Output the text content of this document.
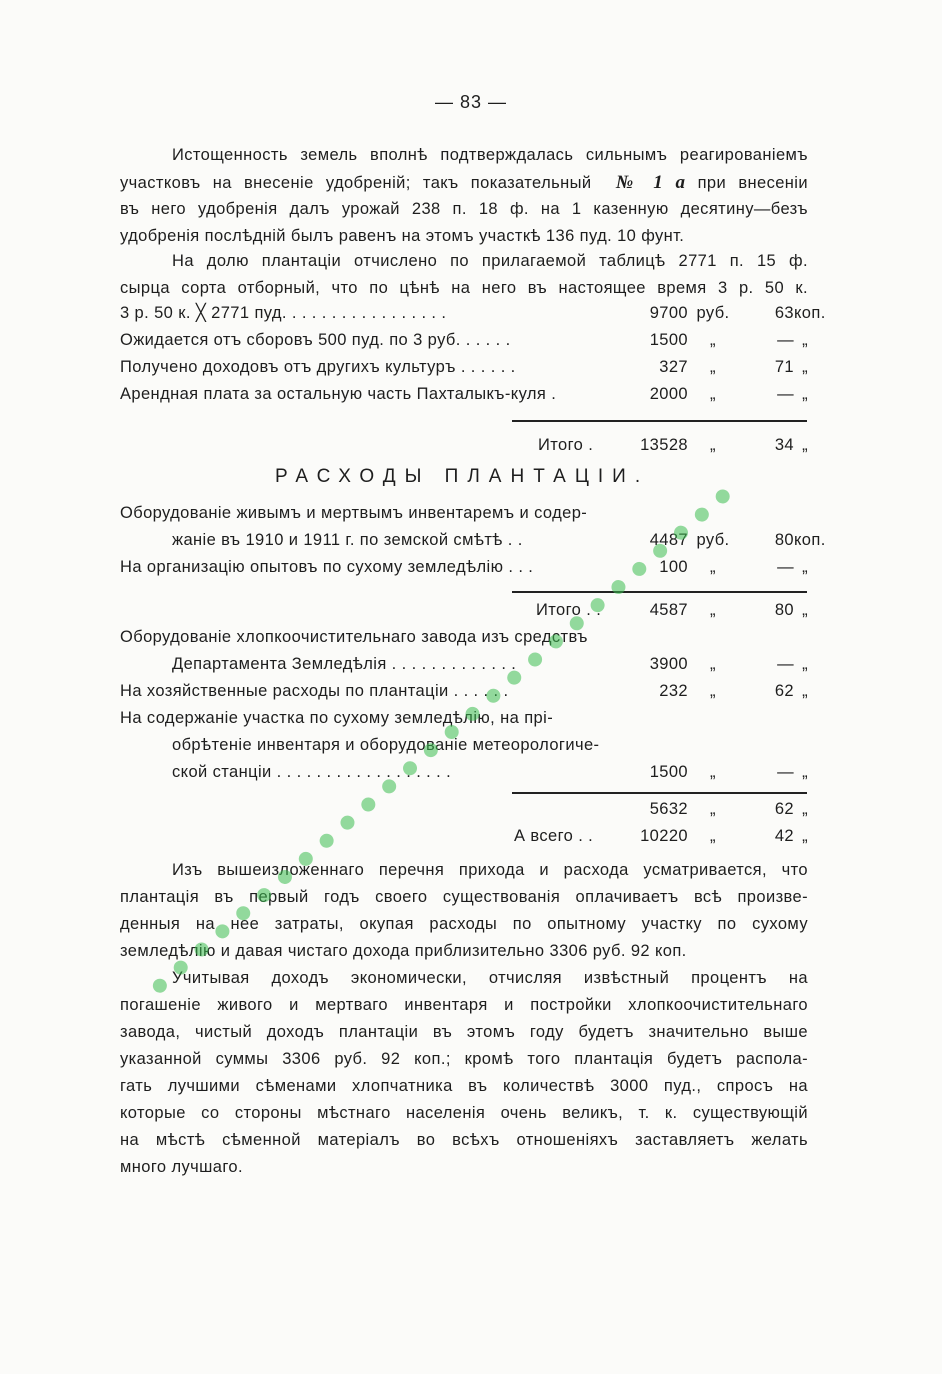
— 83 —
Истощенность земель вполнѣ подтверждалась сильнымъ реагированіемъ
участковъ на внесеніе удобреній; такъ показательный № 1 а при внесеніи
въ него удобренія далъ урожай 238 п. 18 ф. на 1 казенную десятину—безъ
удобренія послѣдній былъ равенъ на этомъ участкѣ 136 пуд. 10 фунт.
На долю плантаціи отчислено по прилагаемой таблицѣ 2771 п. 15 ф.
сырца сорта отборный, что по цѣнѣ на него въ настоящее время 3 р. 50 к.
3 р. 50 к. ╳ 2771 пуд. . . . . . . . . . . . . . . . .	9700 руб.	63 коп.
Ожидается отъ сборовъ 500 пуд. по 3 руб. . . . . .	1500	„	— „
Получено доходовъ отъ другихъ культуръ . . . . . .	327	„	71 „
Арендная плата за остальную часть Пахталыкъ-куля .	2000	„	— „
Итого .	13528	„	34 „
РАСХОДЫ ПЛАНТАЦІИ.
Оборудованіе живымъ и мертвымъ инвентаремъ и содер-
жаніе въ 1910 и 1911 г. по земской смѣтѣ . .	4487 руб.	80 коп.
На организацію опытовъ по сухому земледѣлію . . .	100	„	— „
Итого . .	4587	„	80 „
Оборудованіе хлопкоочистительнаго завода изъ средствъ
Департамента Земледѣлія . . . . . . . . . . . . .	3900	„	— „
На хозяйственные расходы по плантаціи . . . . . .	232	„	62 „
На содержаніе участка по сухому земледѣлію, на прі-
обрѣтеніе инвентаря и оборудованіе метеорологиче-
ской станціи . . . . . . . . . . . . . . . . . .	1500	„	— „
5632	„	62 „
А всего . .	10220	„	42 „
Изъ вышеизложеннаго перечня прихода и расхода усматривается, что
плантація въ первый годъ своего существованія оплачиваетъ всѣ произве-
денныя на нее затраты, окупая расходы по опытному участку по сухому
земледѣлію и давая чистаго дохода приблизительно 3306 руб. 92 коп.
Учитывая доходъ экономически, отчисляя извѣстный процентъ на
погашеніе живого и мертваго инвентаря и постройки хлопкоочистительнаго
завода, чистый доходъ плантаціи въ этомъ году будетъ значительно выше
указанной суммы 3306 руб. 92 коп.; кромѣ того плантація будетъ распола-
гать лучшими сѣменами хлопчатника въ количествѣ 3000 пуд., спросъ на
которые со стороны мѣстнаго населенія очень великъ, т. к. существующій
на мѣстѣ сѣменной матеріалъ во всѣхъ отношеніяхъ заставляетъ желать
много лучшаго.
